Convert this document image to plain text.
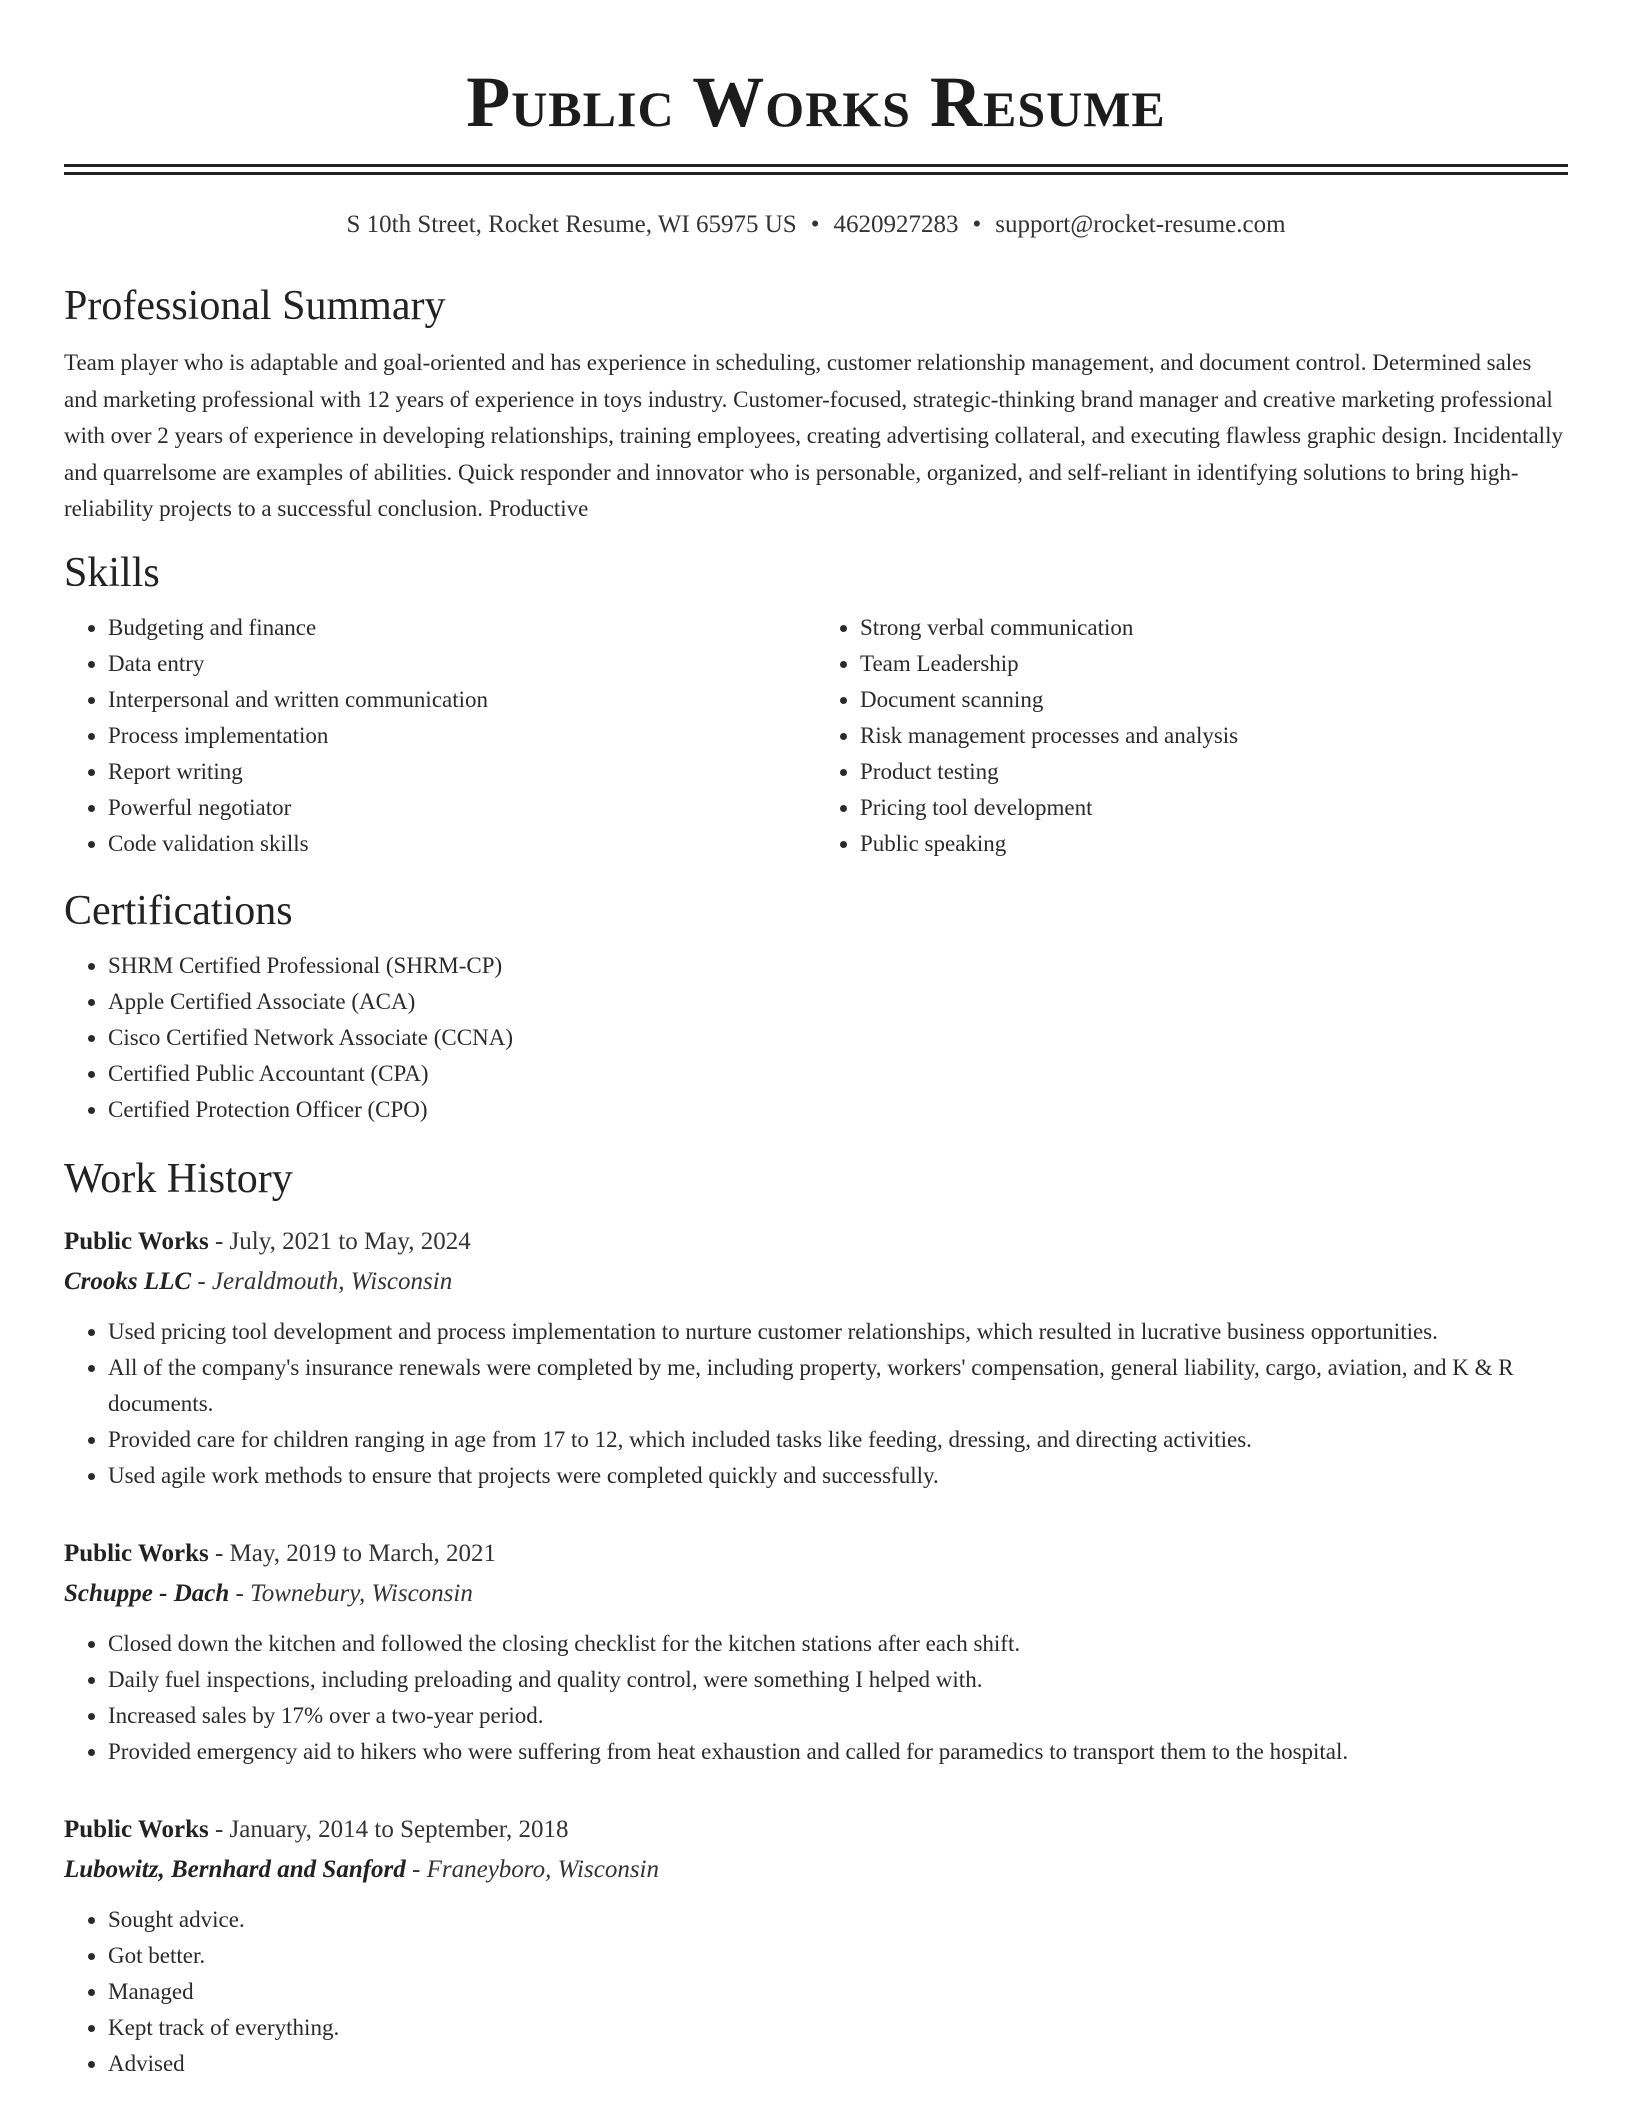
Public Works Resume
S 10th Street, Rocket Resume, WI 65975 US • 4620927283 • support@rocket-resume.com
Professional Summary

Team player who is adaptable and goal-oriented and has experience in scheduling, customer relationship management, and document control. Determined sales and marketing professional with 12 years of experience in toys industry. Customer-focused, strategic-thinking brand manager and creative marketing professional with over 2 years of experience in developing relationships, training employees, creating advertising collateral, and executing flawless graphic design. Incidentally and quarrelsome are examples of abilities. Quick responder and innovator who is personable, organized, and self-reliant in identifying solutions to bring high-reliability projects to a successful conclusion. Productive

Skills
• Budgeting and finance
• Data entry
• Interpersonal and written communication
• Process implementation
• Report writing
• Powerful negotiator
• Code validation skills
• Strong verbal communication
• Team Leadership
• Document scanning
• Risk management processes and analysis
• Product testing
• Pricing tool development
• Public speaking
Certifications
• SHRM Certified Professional (SHRM-CP)
• Apple Certified Associate (ACA)
• Cisco Certified Network Associate (CCNA)
• Certified Public Accountant (CPA)
• Certified Protection Officer (CPO)
Work History
Public Works - July, 2021 to May, 2024
Crooks LLC - Jeraldmouth, Wisconsin
• Used pricing tool development and process implementation to nurture customer relationships, which resulted in lucrative business opportunities.
• All of the company's insurance renewals were completed by me, including property, workers' compensation, general liability, cargo, aviation, and K & R documents.
• Provided care for children ranging in age from 17 to 12, which included tasks like feeding, dressing, and directing activities.
• Used agile work methods to ensure that projects were completed quickly and successfully.
Public Works - May, 2019 to March, 2021
Schuppe - Dach - Townebury, Wisconsin
• Closed down the kitchen and followed the closing checklist for the kitchen stations after each shift.
• Daily fuel inspections, including preloading and quality control, were something I helped with.
• Increased sales by 17% over a two-year period.
• Provided emergency aid to hikers who were suffering from heat exhaustion and called for paramedics to transport them to the hospital.
Public Works - January, 2014 to September, 2018
Lubowitz, Bernhard and Sanford - Franeyboro, Wisconsin
• Sought advice.
• Got better.
• Managed
• Kept track of everything.
• Advised
